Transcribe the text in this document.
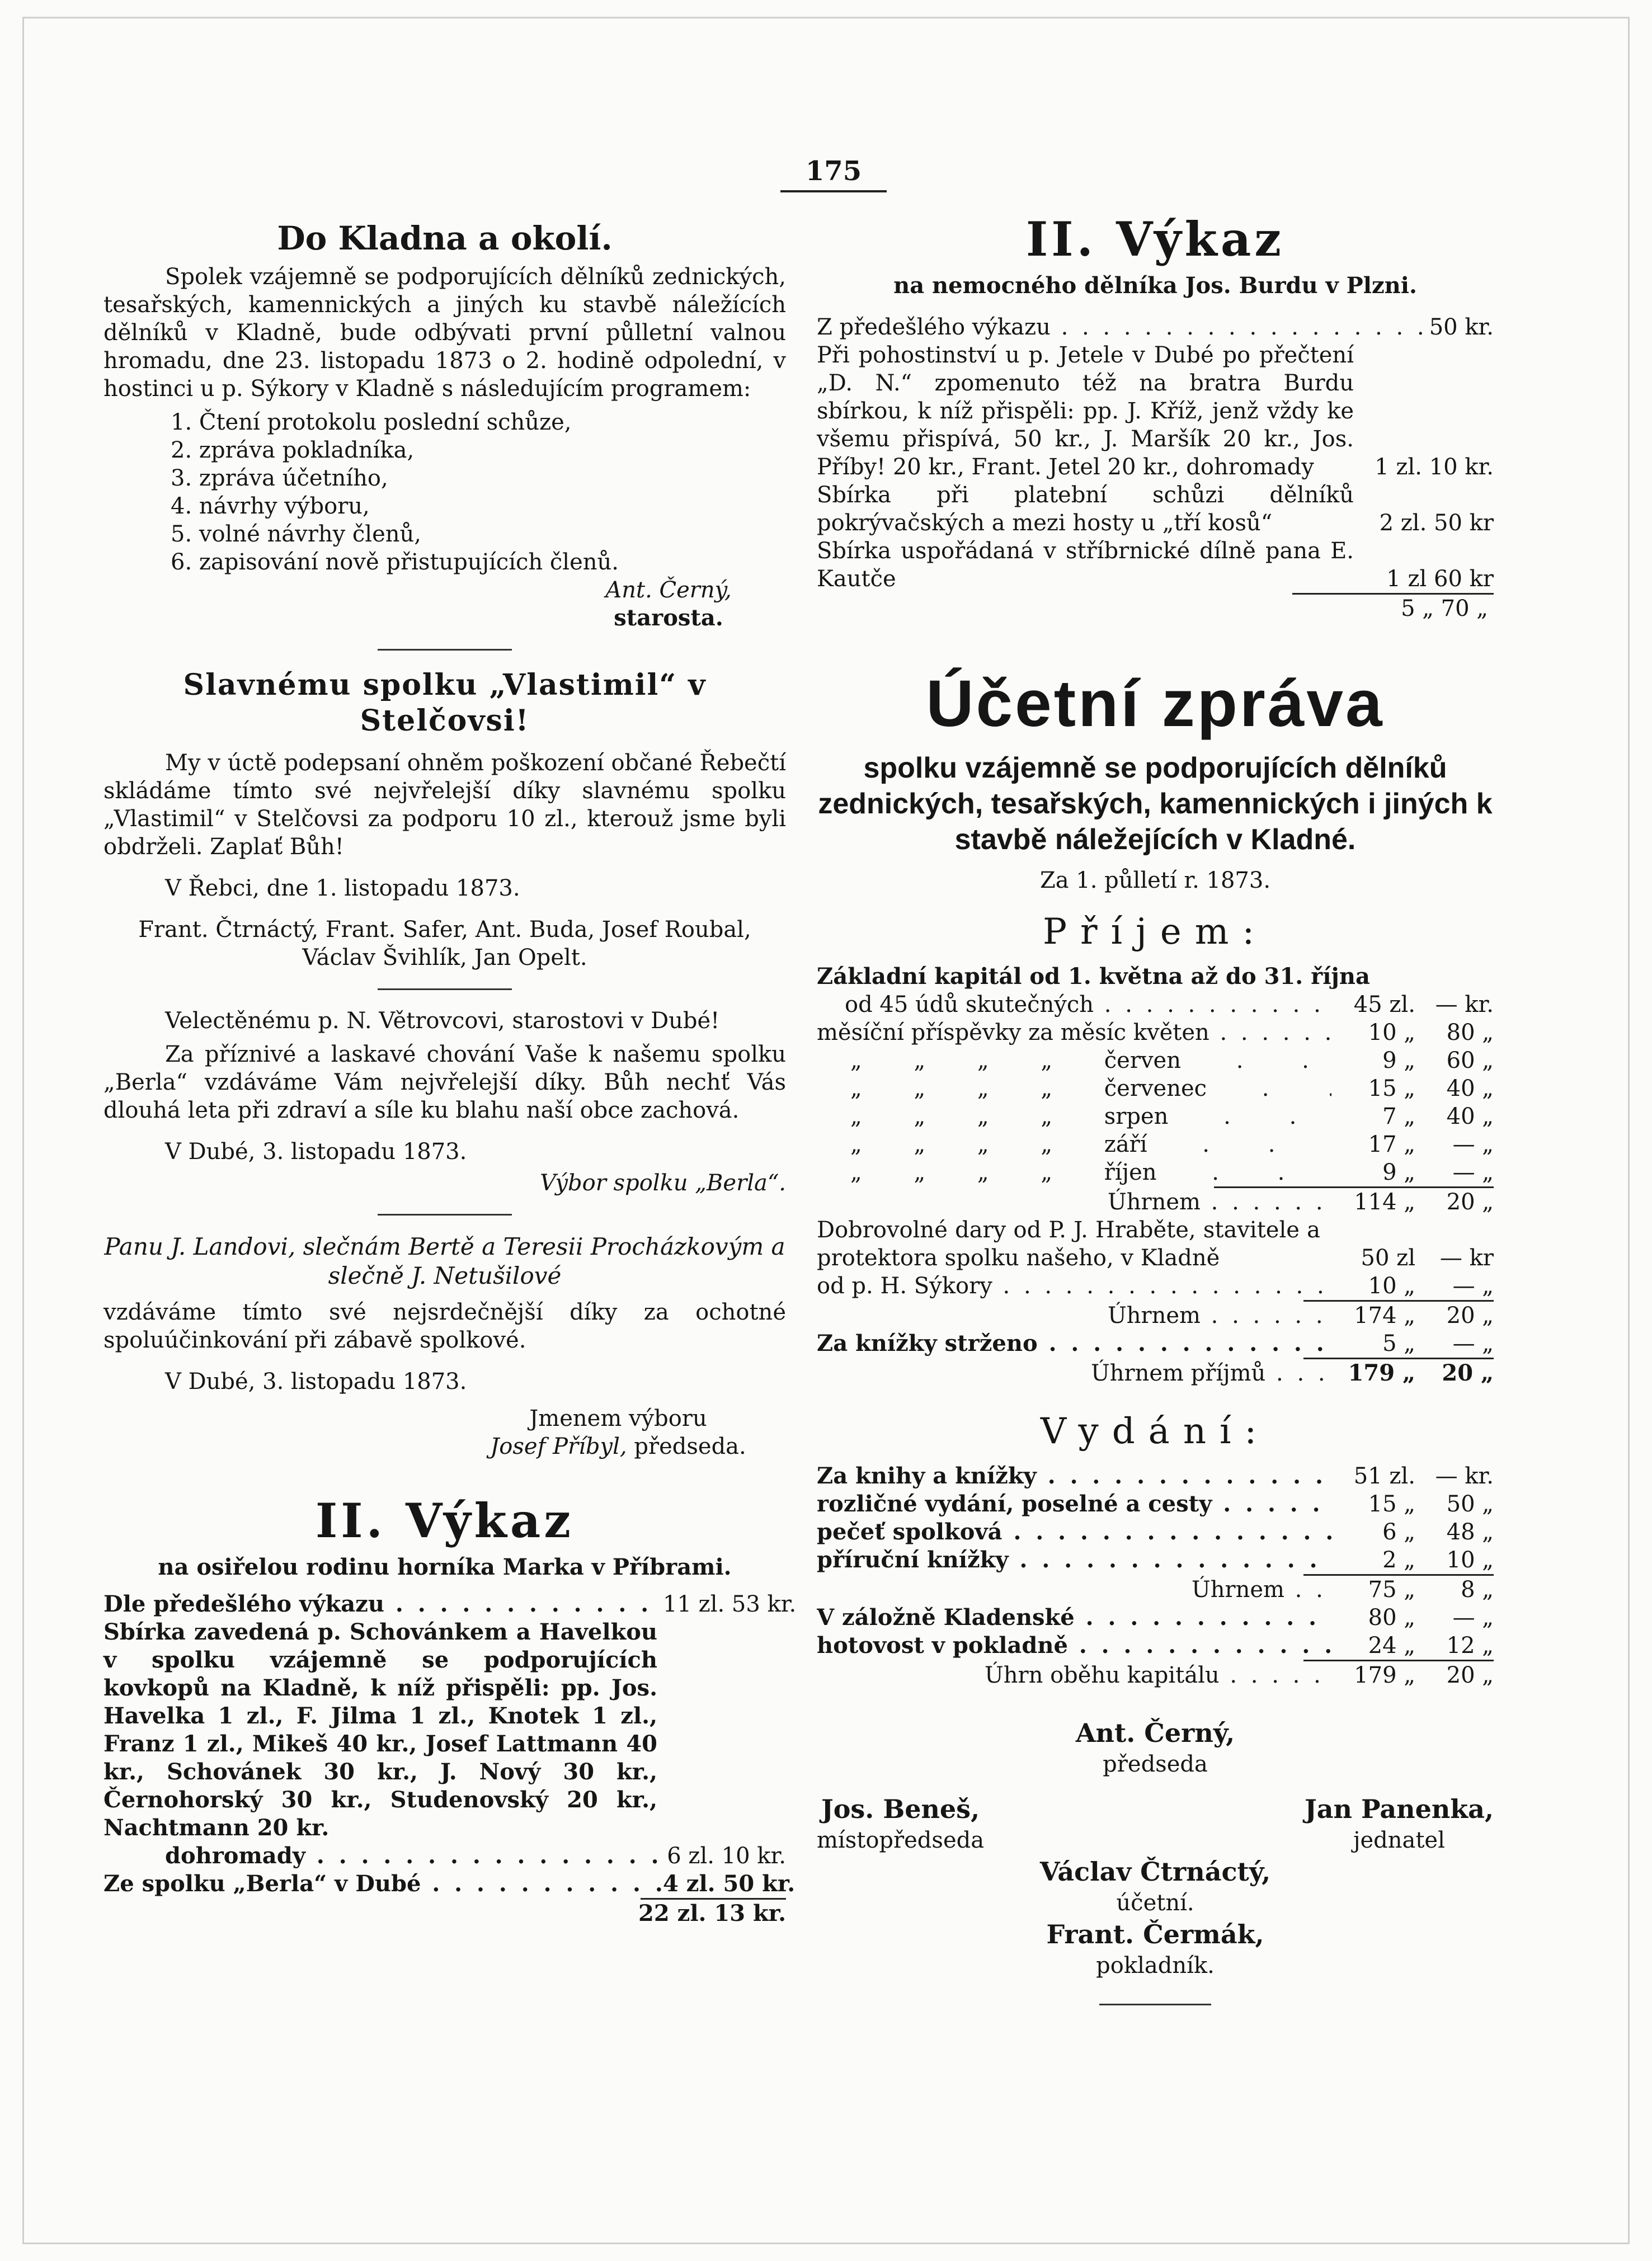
175
Do Kladna a okolí.

Spolek vzájemně se podporujících dělníků zednických, tesařských, kamennických a jiných ku stavbě náležících dělníků v Kladně, bude odbývati první půlletní valnou hromadu, dne 23. listopadu 1873 o 2. hodině odpolední, v hostinci u p. Sýkory v Kladně s následujícím programem:

1. Čtení protokolu poslední schůze,
2. zpráva pokladníka,
3. zpráva účetního,
4. návrhy výboru,
5. volné návrhy členů,
6. zapisování nově přistupujících členů.
Ant. Černý,
starosta.
Slavnému spolku „Vlastimil“ v Stelčovsi!

My v úctě podepsaní ohněm poškození občané Řebečtí skládáme tímto své nejvřelejší díky slavnému spolku „Vlastimil“ v Stelčovsi za podporu 10 zl., kterouž jsme byli obdrželi. Zaplať Bůh!

V Řebci, dne 1. listopadu 1873.

Frant. Čtrnáctý, Frant. Safer, Ant. Buda, Josef Roubal, Václav Švihlík, Jan Opelt.

Velectěnému p. N. Větrovcovi, starostovi v Dubé!

Za příznivé a laskavé chování Vaše k našemu spolku „Berla“ vzdáváme Vám nejvřelejší díky. Bůh nechť Vás dlouhá leta při zdraví a síle ku blahu naší obce zachová.

V Dubé, 3. listopadu 1873.

Výbor spolku „Berla“.

Panu J. Landovi, slečnám Bertě a Teresii Procházkovým a slečně J. Netušilové

vzdáváme tímto své nejsrdečnější díky za ochotné spoluúčinkování při zábavě spolkové.

V Dubé, 3. listopadu 1873.

Jmenem výboru
Josef Příbyl, předseda.
II. Výkaz

na osiřelou rodinu horníka Marka v Příbrami.

Dle předešlého výkazu . . .	11 zl. 53 kr.

Sbírka zavedená p. Schovánkem a Havelkou v spolku vzájemně se podporujících kovkopů na Kladně, k níž přispěli: pp. Jos. Havelka 1 zl., F. Jilma 1 zl., Knotek 1 zl., Franz 1 zl., Mikeš 40 kr., Josef Lattmann 40 kr., Schovánek 30 kr., J. Nový 30 kr., Černohorský 30 kr., Studenovský 20 kr., Nachtmann 20 kr.

dohromady . . .	6 zl. 10 kr.
Ze spolku „Berla“ v Dubé . . .	4 zl. 50 kr.
22 zl. 13 kr.
II. Výkaz

na nemocného dělníka Jos. Burdu v Plzni.

Z předešlého výkazu . . .	50 kr.
Při pohostinství u p. Jetele v Dubé po přečtení „D. N.“ zpomenuto též na bratra Burdu sbírkou, k níž přispěli: pp. J. Kříž, jenž vždy ke všemu přispívá, 50 kr., J. Maršík 20 kr., Jos. Příby! 20 kr., Frant. Jetel 20 kr., dohromady	1 zl. 10 kr.
Sbírka při platební schůzi dělníků pokrývačských a mezi hosty u „tří kosů“	2 zl. 50 kr
Sbírka uspořádaná v stříbrnické dílně pana E. Kautče	1 zl 60 kr
5 „ 70 „
Účetní zpráva

spolku vzájemně se podporujících dělníků zednických, tesařských, kamennických i jiných k stavbě náležejících v Kladné.

Za 1. půlletí r. 1873.

Příjem:

Základní kapitál od 1. května až do 31. října

od 45 údů skutečných . . .	45 zl. — kr.
měsíční příspěvky za měsíc květen . . .	10 „	80 „
„ „ „ „ červen . . .	9 „	60 „
„ „ „ „ červenec . . .	15 „	40 „
„ „ „ „ srpen . . .	7 „	40 „
„ „ „ „ září . . .	17 „	— „
„ „ „ „ říjen . . .	9 „	— „
Úhrnem . . .	114 „	20 „
Dobrovolné dary od P. J. Hraběte, stavitele a protektora spolku našeho, v Kladně	50 zl	— kr
od p. H. Sýkory . . .	10 „	— „
Úhrnem . . .	174 „	20 „
Za knížky strženo . . .	5 „	— „
Úhrnem příjmů . . .	179 „	20 „
Vydání:
Za knihy a knížky . . .	51 zl. — kr.
rozličné vydání, poselné a cesty . . .	15 „	50 „
pečeť spolková . . .	6 „	48 „
příruční knížky . . .	2 „	10 „
Úhrnem . . .	75 „	8 „
V záložně Kladenské . . .	80 „	— „
hotovost v pokladně . . .	24 „	12 „
Úhrn oběhu kapitálu . . .	179 „	20 „
Ant. Černý,
předseda
Jos. Beneš,
místopředseda
Jan Panenka,
jednatel
Václav Čtrnáctý,
účetní.
Frant. Čermák,
pokladník.
